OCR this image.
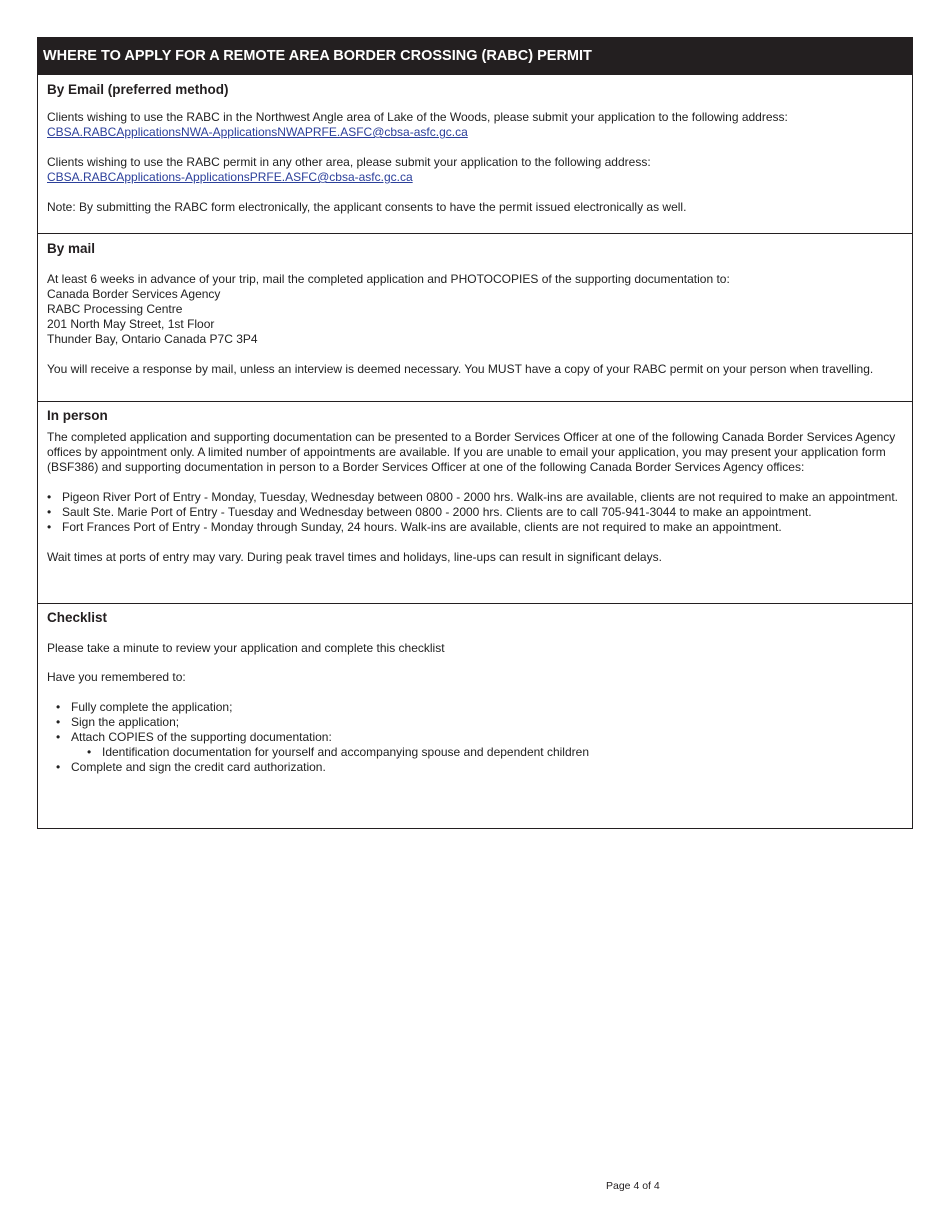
WHERE TO APPLY FOR A REMOTE AREA BORDER CROSSING (RABC) PERMIT
By Email (preferred method)

Clients wishing to use the RABC in the Northwest Angle area of Lake of the Woods, please submit your application to the following address:

CBSA.RABCApplicationsNWA-ApplicationsNWAPRFE.ASFC@cbsa-asfc.gc.ca

Clients wishing to use the RABC permit in any other area, please submit your application to the following address:

CBSA.RABCApplications-ApplicationsPRFE.ASFC@cbsa-asfc.gc.ca

Note: By submitting the RABC form electronically, the applicant consents to have the permit issued electronically as well.

By mail

At least 6 weeks in advance of your trip, mail the completed application and PHOTOCOPIES of the supporting documentation to:

Canada Border Services Agency
RABC Processing Centre
201 North May Street, 1st Floor
Thunder Bay, Ontario Canada P7C 3P4

You will receive a response by mail, unless an interview is deemed necessary. You MUST have a copy of your RABC permit on your person when travelling.

In person

The completed application and supporting documentation can be presented to a Border Services Officer at one of the following Canada Border Services Agency offices by appointment only. A limited number of appointments are available. If you are unable to email your application, you may present your application form (BSF386) and supporting documentation in person to a Border Services Officer at one of the following Canada Border Services Agency offices:

• Pigeon River Port of Entry - Monday, Tuesday, Wednesday between 0800 - 2000 hrs. Walk-ins are available, clients are not required to make an appointment.
• Sault Ste. Marie Port of Entry - Tuesday and Wednesday between 0800 - 2000 hrs. Clients are to call 705-941-3044 to make an appointment.
• Fort Frances Port of Entry - Monday through Sunday, 24 hours. Walk-ins are available, clients are not required to make an appointment.

Wait times at ports of entry may vary. During peak travel times and holidays, line-ups can result in significant delays.

Checklist

Please take a minute to review your application and complete this checklist

Have you remembered to:

• Fully complete the application;
• Sign the application;
• Attach COPIES of the supporting documentation:
• Identification documentation for yourself and accompanying spouse and dependent children
• Complete and sign the credit card authorization.
Page 4 of 4
